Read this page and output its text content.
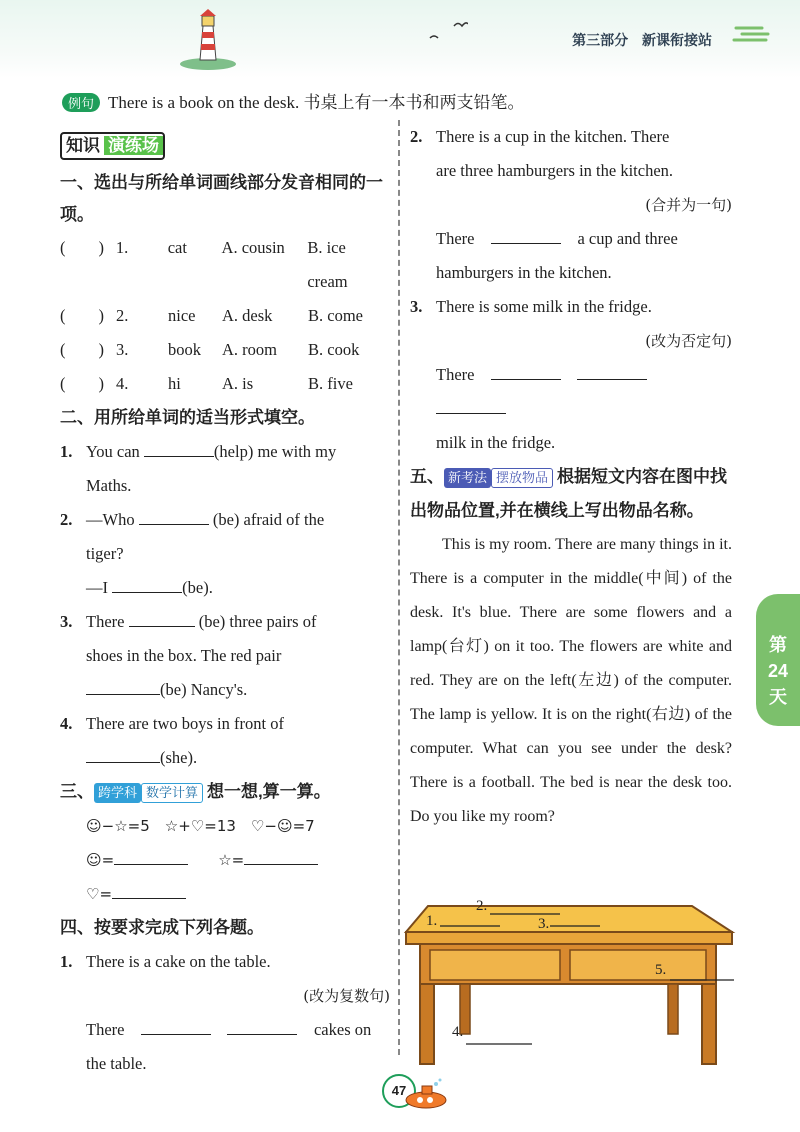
第三部分 新课衔接站
例句 There is a book on the desk. 书桌上有一本书和两支铅笔。
知识 演练场
一、选出与所给单词画线部分发音相同的一项。
(　　) 1.	cat	A. cousin	B. ice cream
(　　) 2.	nice	A. desk	B. come
(　　) 3.	book	A. room	B. cook
(　　) 4.	hi	A. is	B. five
二、用所给单词的适当形式填空。
1. You can	(help) me with my
Maths.
2. —Who	(be) afraid of the
tiger?
—I	(be).
3. There	(be) three pairs of
shoes in the box. The red pair
(be) Nancy's.
4. There are two boys in front of
(she).
三、 跨学科 数学计算 想一想,算一算。
☺−☆=5　 ☆+♡=13　 ♡−☺=7
☺=　　	☆=
♡=
四、按要求完成下列各题。
1. There is a cake on the table.
(改为复数句)
There　　　	cakes on
the table.
2. There is a cup in the kitchen. There
are three hamburgers in the kitchen.
(合并为一句)
There　　	a cup and three
hamburgers in the kitchen.
3. There is some milk in the fridge.
(改为否定句)
There　　　
milk in the fridge.
五、 新考法 摆放物品 根据短文内容在图中找出物品位置,并在横线上写出物品名称。
This is my room. There are many things in it. There is a computer in the middle(中间) of the desk. It's blue. There are some flowers and a lamp(台灯) on it too. The flowers are white and red. They are on the left(左边) of the computer. The lamp is yellow. It is on the right(右边) of the computer. What can you see under the desk? There is a football. The bed is near the desk too. Do you like my room?
1.
2.
3.
4.
5.
第
24
天
47
